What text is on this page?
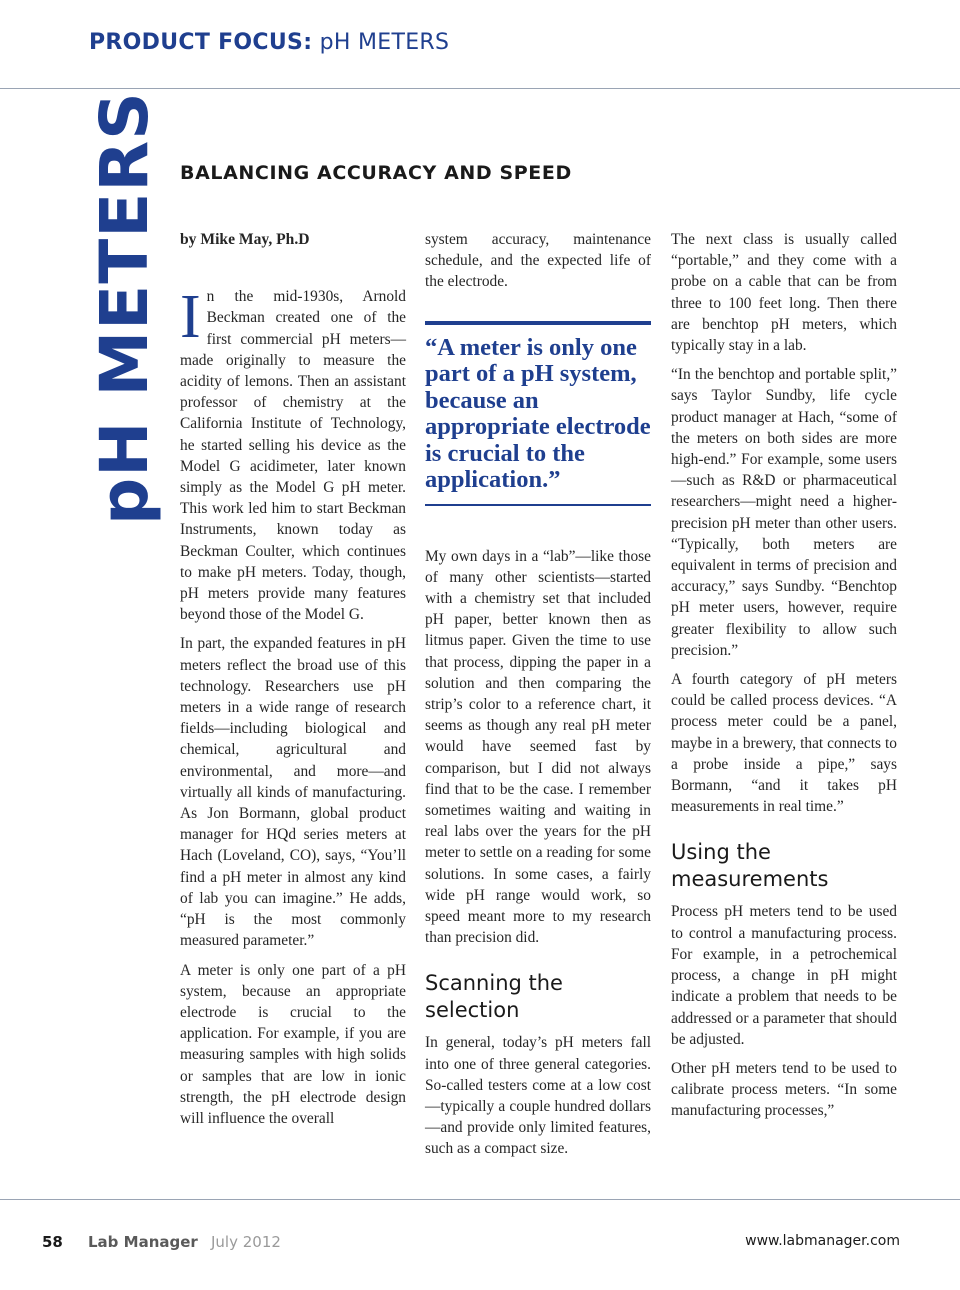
PRODUCT FOCUS: pH METERS
pH METERS BALANCING ACCURACY AND SPEED

by Mike May, Ph.D

In the mid-1930s, Arnold Beckman created one of the first commercial pH meters—made originally to measure the acidity of lemons. Then an assistant professor of chemistry at the California Institute of Technology, he started selling his device as the Model G acidimeter, later known simply as the Model G pH meter. This work led him to start Beckman Instruments, known today as Beckman Coulter, which continues to make pH meters. Today, though, pH meters provide many features beyond those of the Model G.

In part, the expanded features in pH meters reflect the broad use of this technology. Researchers use pH meters in a wide range of research fields—including biological and chemical, agricultural and environmental, and more—and virtually all kinds of manufacturing. As Jon Bormann, global product manager for HQd series meters at Hach (Loveland, CO), says, “You’ll find a pH meter in almost any kind of lab you can imagine.” He adds, “pH is the most commonly measured parameter.”

A meter is only one part of a pH system, because an appropriate electrode is crucial to the application. For example, if you are measuring samples with high solids or samples that are low in ionic strength, the pH electrode design will influence the overall

system accuracy, maintenance schedule, and the expected life of the electrode.

“A meter is only one part of a pH system, because an appropriate electrode is crucial to the application.”

My own days in a “lab”—like those of many other scientists—started with a chemistry set that included pH paper, better known then as litmus paper. Given the time to use that process, dipping the paper in a solution and then comparing the strip’s color to a reference chart, it seems as though any real pH meter would have seemed fast by comparison, but I did not always find that to be the case. I remember sometimes waiting and waiting in real labs over the years for the pH meter to settle on a reading for some solutions. In some cases, a fairly wide pH range would work, so speed meant more to my research than precision did.

Scanning the selection

In general, today’s pH meters fall into one of three general categories. So-called testers come at a low cost—typically a couple hundred dollars—and provide only limited features, such as a compact size.

The next class is usually called “portable,” and they come with a probe on a cable that can be from three to 100 feet long. Then there are benchtop pH meters, which typically stay in a lab.

“In the benchtop and portable split,” says Taylor Sundby, life cycle product manager at Hach, “some of the meters on both sides are more high-end.” For example, some users—such as R&D or pharmaceutical researchers—might need a higher-precision pH meter than other users. “Typically, both meters are equivalent in terms of precision and accuracy,” says Sundby. “Benchtop pH meter users, however, require greater flexibility to allow such precision.”

A fourth category of pH meters could be called process devices. “A process meter could be a panel, maybe in a brewery, that connects to a probe inside a pipe,” says Bormann, “and it takes pH measurements in real time.”

Using the measurements

Process pH meters tend to be used to control a manufacturing process. For example, in a petrochemical process, a change in pH might indicate a problem that needs to be addressed or a parameter that should be adjusted.

Other pH meters tend to be used to calibrate process meters. “In some manufacturing processes,”

58 Lab Manager July 2012	www.labmanager.com
